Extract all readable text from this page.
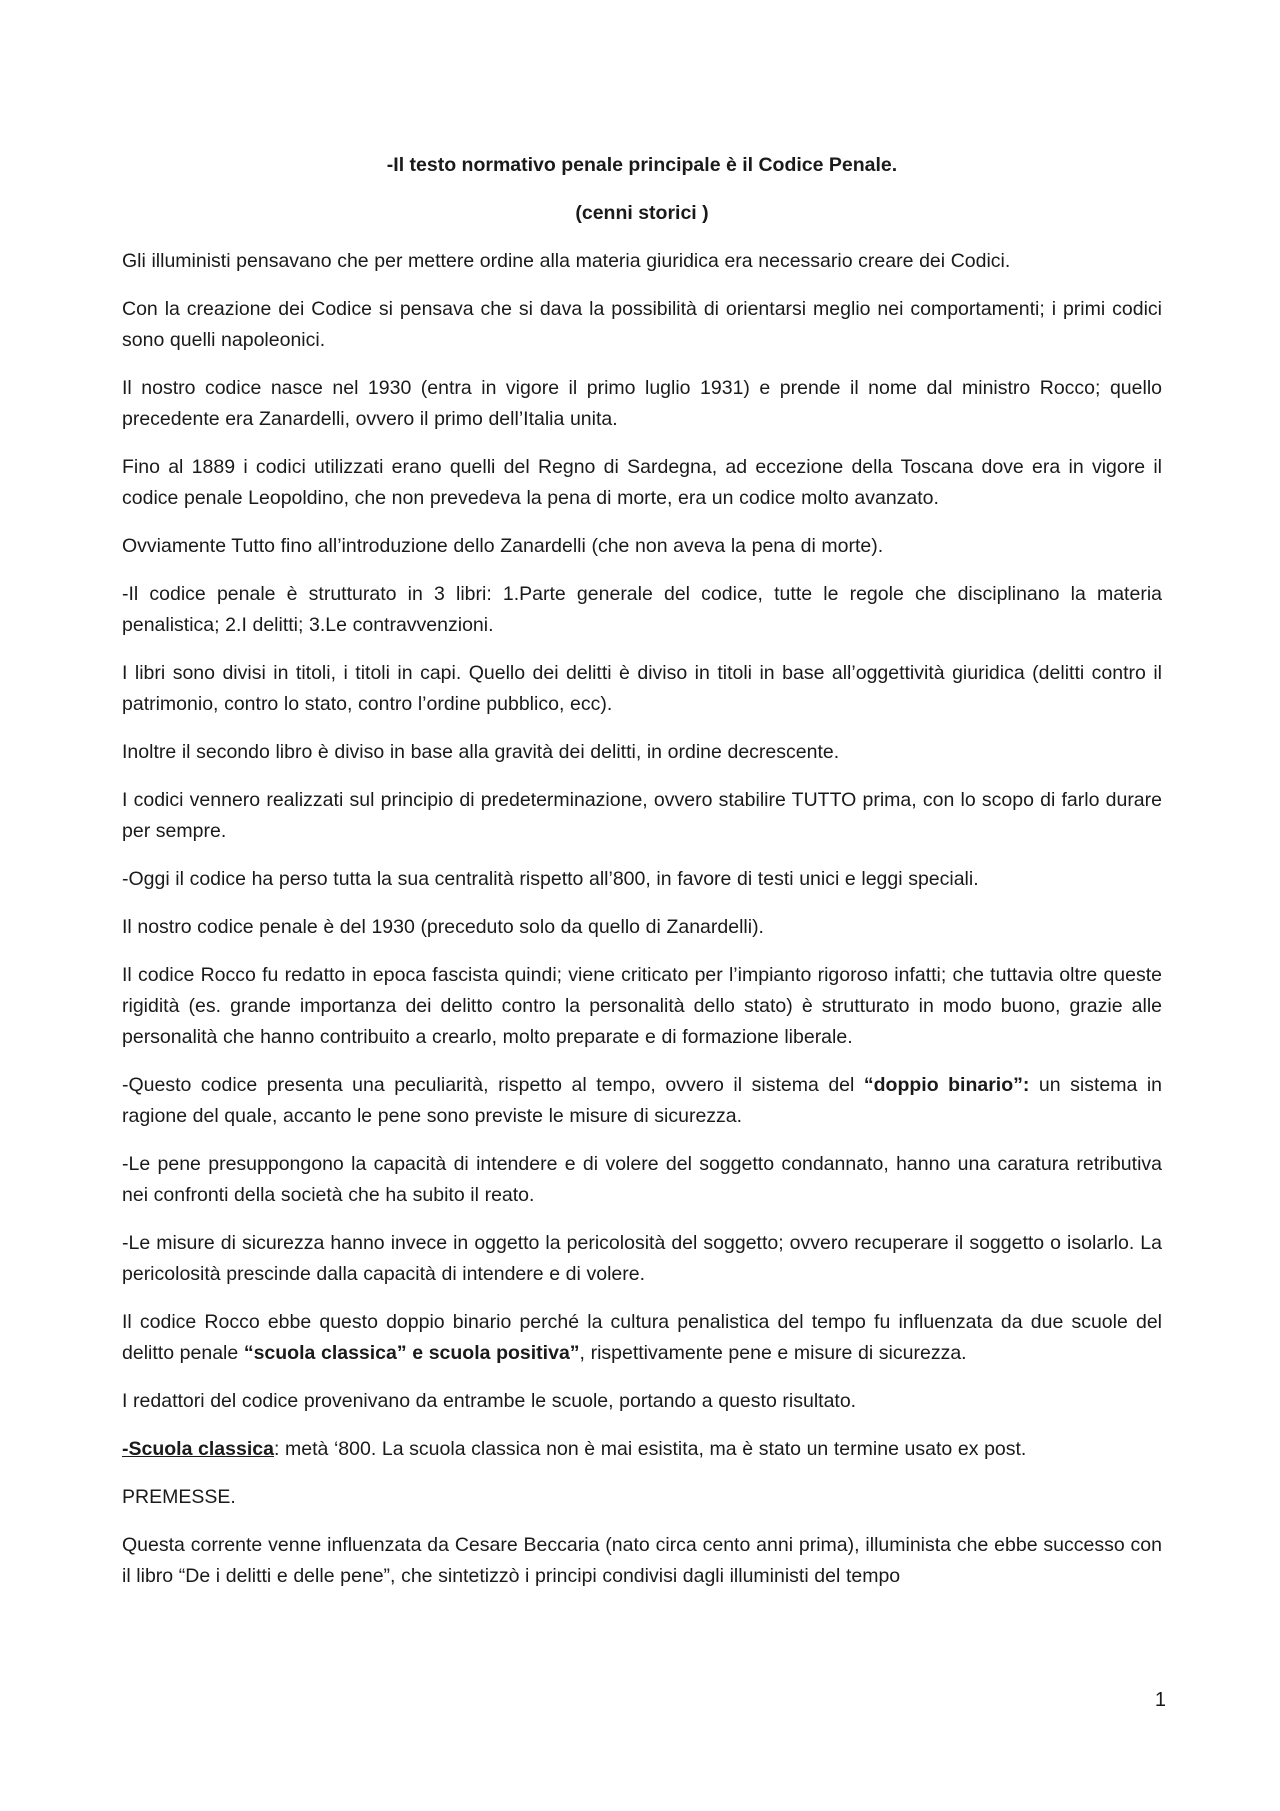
-Il testo normativo penale principale è il Codice Penale.

(cenni storici )

Gli illuministi pensavano che per mettere ordine alla materia giuridica era necessario creare dei Codici.

Con la creazione dei Codice si pensava che si dava la possibilità di orientarsi meglio nei comportamenti; i primi codici sono quelli napoleonici.

Il nostro codice nasce nel 1930 (entra in vigore il primo luglio 1931) e prende il nome dal ministro Rocco; quello precedente era Zanardelli, ovvero il primo dell’Italia unita.

Fino al 1889 i codici utilizzati erano quelli del Regno di Sardegna, ad eccezione della Toscana dove era in vigore il codice penale Leopoldino, che non prevedeva la pena di morte, era un codice molto avanzato.

Ovviamente Tutto fino all’introduzione dello Zanardelli (che non aveva la pena di morte).

-Il codice penale è strutturato in 3 libri: 1.Parte generale del codice, tutte le regole che disciplinano la materia penalistica; 2.I delitti; 3.Le contravvenzioni.

I libri sono divisi in titoli, i titoli in capi. Quello dei delitti è diviso in titoli in base all’oggettività giuridica (delitti contro il patrimonio, contro lo stato, contro l’ordine pubblico, ecc).

Inoltre il secondo libro è diviso in base alla gravità dei delitti, in ordine decrescente.

I codici vennero realizzati sul principio di predeterminazione, ovvero stabilire TUTTO prima, con lo scopo di farlo durare per sempre.

-Oggi il codice ha perso tutta la sua centralità rispetto all’800, in favore di testi unici e leggi speciali.

Il nostro codice penale è del 1930 (preceduto solo da quello di Zanardelli).

Il codice Rocco fu redatto in epoca fascista quindi; viene criticato per l’impianto rigoroso infatti; che tuttavia oltre queste rigidità (es. grande importanza dei delitto contro la personalità dello stato) è strutturato in modo buono, grazie alle personalità che hanno contribuito a crearlo, molto preparate e di formazione liberale.

-Questo codice presenta una peculiarità, rispetto al tempo, ovvero il sistema del “doppio binario”: un sistema in ragione del quale, accanto le pene sono previste le misure di sicurezza.

-Le pene presuppongono la capacità di intendere e di volere del soggetto condannato, hanno una caratura retributiva nei confronti della società che ha subito il reato.

-Le misure di sicurezza hanno invece in oggetto la pericolosità del soggetto; ovvero recuperare il soggetto o isolarlo. La pericolosità prescinde dalla capacità di intendere e di volere.

Il codice Rocco ebbe questo doppio binario perché la cultura penalistica del tempo fu influenzata da due scuole del delitto penale “scuola classica” e scuola positiva”, rispettivamente pene e misure di sicurezza.

I redattori del codice provenivano da entrambe le scuole, portando a questo risultato.

-Scuola classica: metà ‘800. La scuola classica non è mai esistita, ma è stato un termine usato ex post.

PREMESSE.

Questa corrente venne influenzata da Cesare Beccaria (nato circa cento anni prima), illuminista che ebbe successo con il libro “De i delitti e delle pene”, che sintetizzò i principi condivisi dagli illuministi del tempo

1
